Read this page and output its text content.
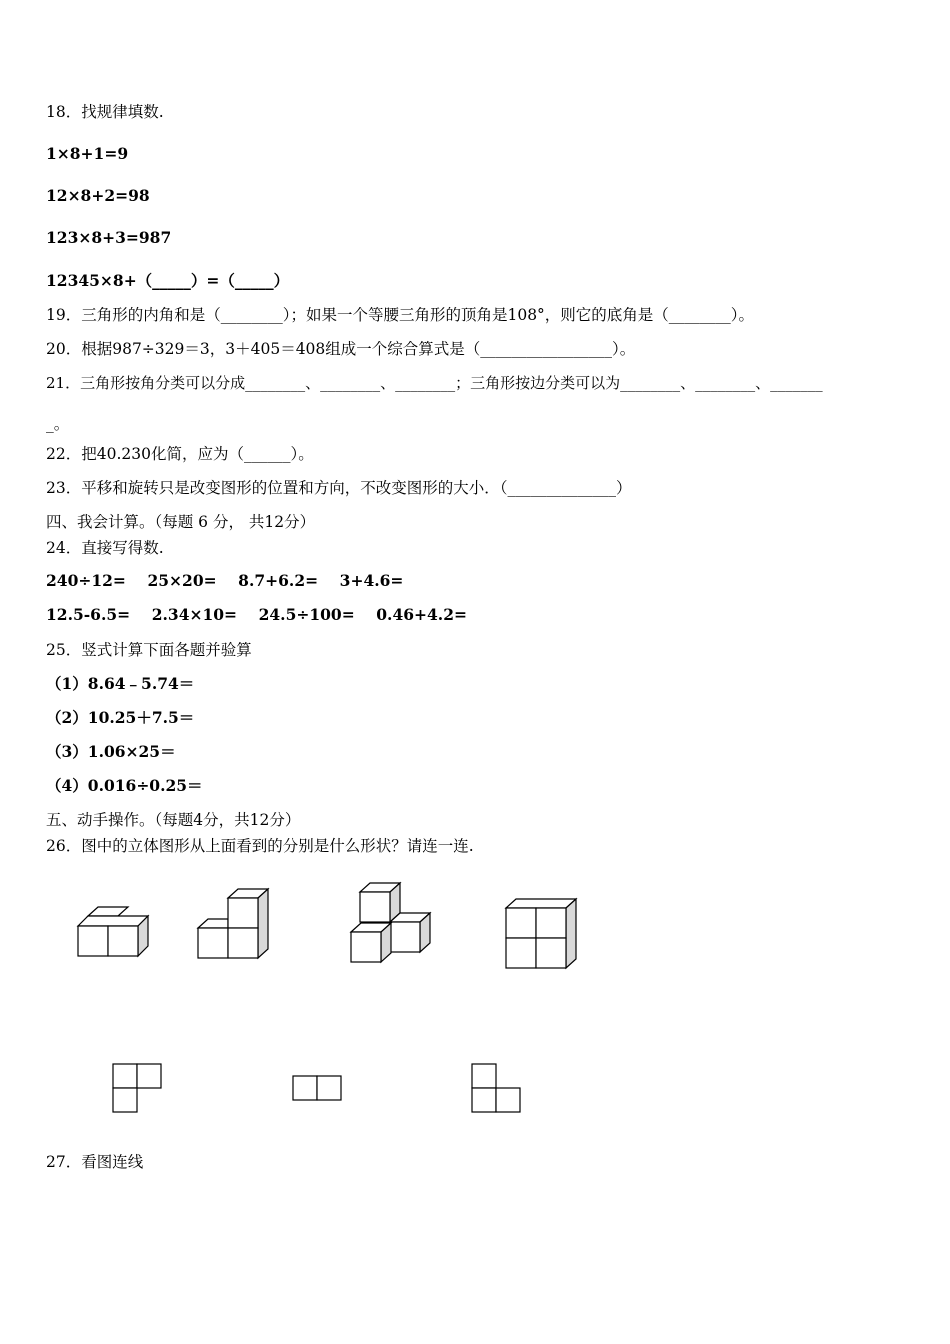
18．找规律填数.
1×8+1=9
12×8+2=98
123×8+3=987
12345×8+（_____）=（_____）
19．三角形的内角和是（________）；如果一个等腰三角形的顶角是108°，则它的底角是（________）。
20．根据987÷329＝3，3＋405＝408组成一个综合算式是（_________________）。
21．三角形按角分类可以分成________、________、________；三角形按边分类可以为________、________、_______
_。
22．把40.230化简，应为（______）。
23．平移和旋转只是改变图形的位置和方向，不改变图形的大小．（______________）
四、我会计算。（每题 6 分， 共12分）
24．直接写得数.
240÷12=    25×20=    8.7+6.2=    3+4.6=
12.5-6.5=    2.34×10=    24.5÷100=    0.46+4.2=
25．竖式计算下面各题并验算
（1）8.64﹣5.74＝
（2）10.25＋7.5＝
（3）1.06×25＝
（4）0.016÷0.25＝
五、动手操作。（每题4分，共12分）
26．图中的立体图形从上面看到的分别是什么形状？请连一连.
27．看图连线
